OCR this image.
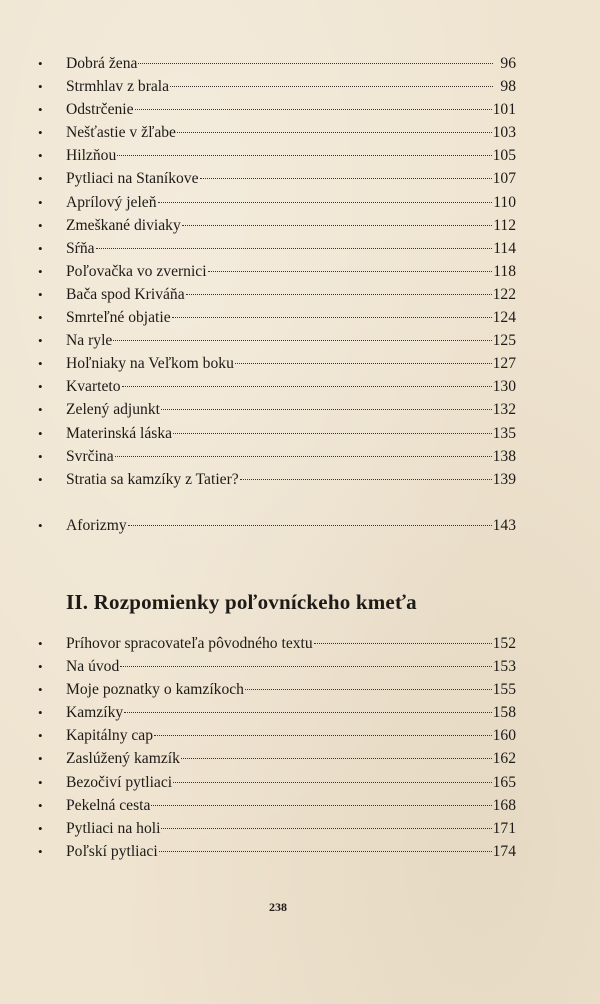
•	Dobrá žena	96
•	Strmhlav z brala	98
•	Odstrčenie	101
•	Nešťastie v žľabe	103
•	Hilzňou	105
•	Pytliaci na Staníkove	107
•	Aprílový jeleň	110
•	Zmeškané diviaky	112
•	Sŕňa	114
•	Poľovačka vo zvernici	118
•	Bača spod Kriváňa	122
•	Smrteľné objatie	124
•	Na ryle	125
•	Hoľniaky na Veľkom boku	127
•	Kvarteto	130
•	Zelený adjunkt	132
•	Materinská láska	135
•	Svrčina	138
•	Stratia sa kamzíky z Tatier?	139
•	Aforizmy	143
II. Rozpomienky poľovníckeho kmeťa
•	Príhovor spracovateľa pôvodného textu	152
•	Na úvod	153
•	Moje poznatky o kamzíkoch	155
•	Kamzíky	158
•	Kapitálny cap	160
•	Zaslúžený kamzík	162
•	Bezočiví pytliaci	165
•	Pekelná cesta	168
•	Pytliaci na holi	171
•	Poľskí pytliaci	174
238
